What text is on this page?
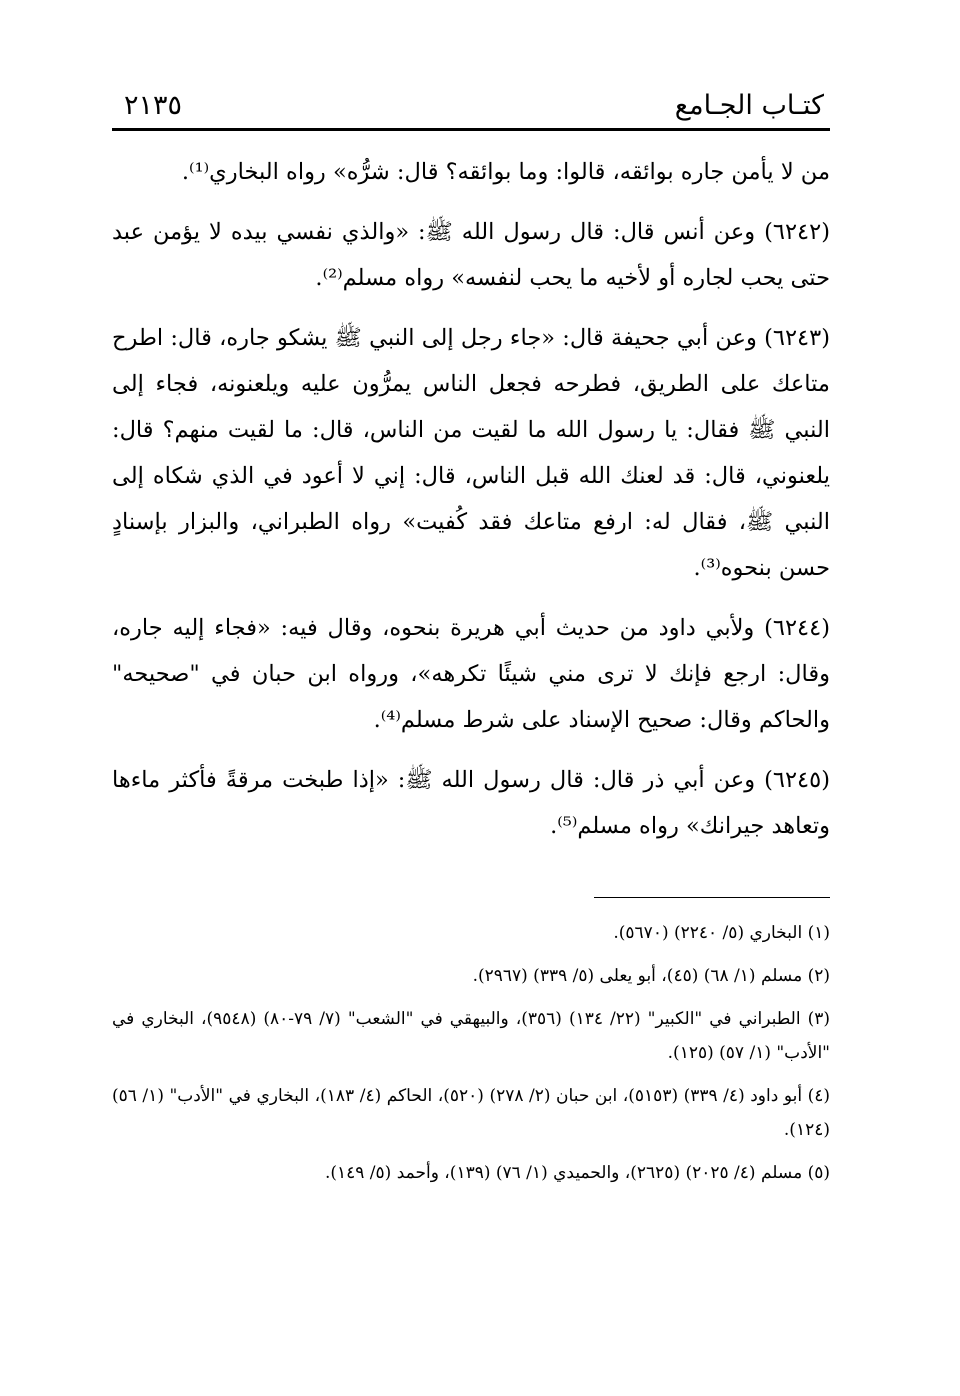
كتـاب الجـامع
٢١٣٥

من لا يأمن جاره بوائقه، قالوا: وما بوائقه؟ قال: شرُّه» رواه البخاري⁽¹⁾.

(٦٢٤٢) وعن أنس قال: قال رسول الله ﷺ: «والذي نفسي بيده لا يؤمن عبد حتى يحب لجاره أو لأخيه ما يحب لنفسه» رواه مسلم⁽²⁾.

(٦٢٤٣) وعن أبي جحيفة قال: «جاء رجل إلى النبي ﷺ يشكو جاره، قال: اطرح متاعك على الطريق، فطرحه فجعل الناس يمرُّون عليه ويلعنونه، فجاء إلى النبي ﷺ فقال: يا رسول الله ما لقيت من الناس، قال: ما لقيت منهم؟ قال: يلعنوني، قال: قد لعنك الله قبل الناس، قال: إني لا أعود في الذي شكاه إلى النبي ﷺ، فقال له: ارفع متاعك فقد كُفيت» رواه الطبراني، والبزار بإسنادٍ حسن بنحوه⁽³⁾.

(٦٢٤٤) ولأبي داود من حديث أبي هريرة بنحوه، وقال فيه: «فجاء إليه جاره، وقال: ارجع فإنك لا ترى مني شيئًا تكرهه»، ورواه ابن حبان في "صحيحه" والحاكم وقال: صحيح الإسناد على شرط مسلم⁽⁴⁾.

(٦٢٤٥) وعن أبي ذر قال: قال رسول الله ﷺ: «إذا طبخت مرقةً فأكثر ماءها وتعاهد جيرانك» رواه مسلم⁽⁵⁾.

(١) البخاري (٥/ ٢٢٤٠) (٥٦٧٠).

(٢) مسلم (١/ ٦٨) (٤٥)، أبو يعلى (٥/ ٣٣٩) (٢٩٦٧).

(٣) الطبراني في "الكبير" (٢٢/ ١٣٤) (٣٥٦)، والبيهقي في "الشعب" (٧/ ٧٩-٨٠) (٩٥٤٨)، البخاري في "الأدب" (١/ ٥٧) (١٢٥).

(٤) أبو داود (٤/ ٣٣٩) (٥١٥٣)، ابن حبان (٢/ ٢٧٨) (٥٢٠)، الحاكم (٤/ ١٨٣)، البخاري في "الأدب" (١/ ٥٦) (١٢٤).

(٥) مسلم (٤/ ٢٠٢٥) (٢٦٢٥)، والحميدي (١/ ٧٦) (١٣٩)، وأحمد (٥/ ١٤٩).
